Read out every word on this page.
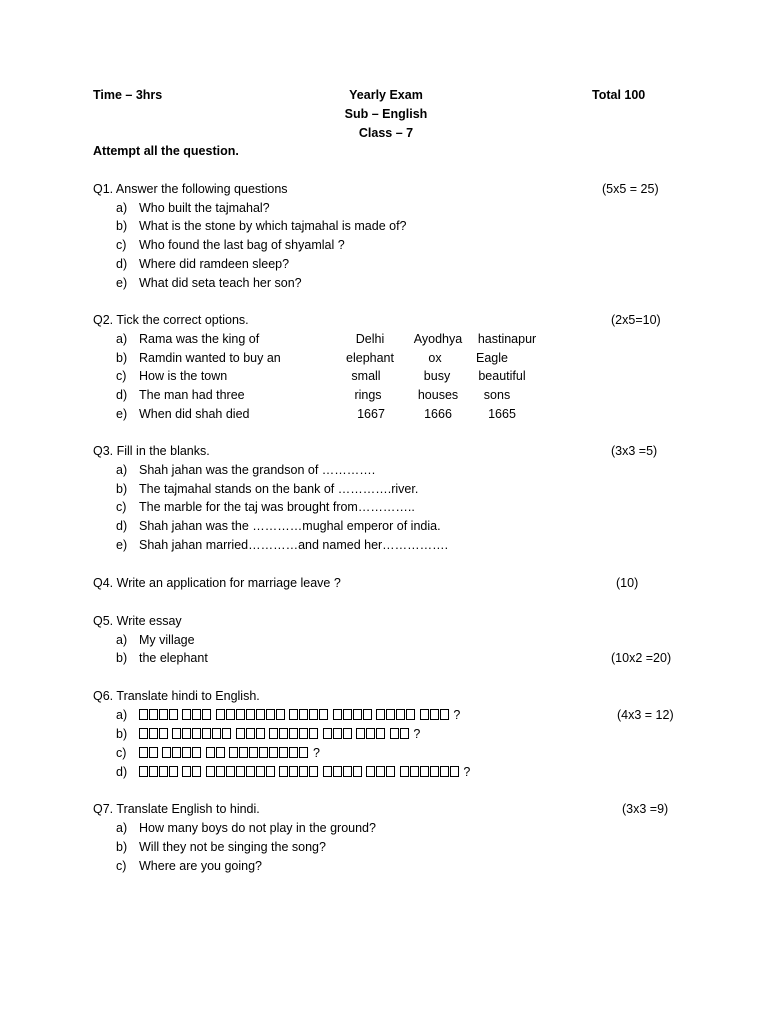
Time – 3hrs	Yearly Exam	Total 100
Sub – English
Class – 7
Attempt all the question.
Q1. Answer the following questions	(5x5 = 25)
a) Who built the tajmahal?
b) What is the stone by which tajmahal is made of?
c) Who found the last bag of shyamlal ?
d) Where did ramdeen sleep?
e) What did seta teach her son?
Q2. Tick the correct options.	(2x5=10)
a) Rama was the king of	Delhi	Ayodhya	hastinapur
b) Ramdin wanted to buy an	elephant	ox	Eagle
c) How is the town	small	busy	beautiful
d) The man had three	rings	houses	sons
e) When did shah died	1667	1666	1665
Q3. Fill in the blanks.	(3x3 =5)
a) Shah jahan was the grandson of ………….
b) The tajmahal stands on the bank of ………….river.
c) The marble for the taj was brought from…………..
d) Shah jahan was the …………mughal emperor of india.
e) Shah jahan married…………and named her…………….
Q4. Write an application for marriage leave ?	(10)
Q5. Write essay
a) My village
b) the elephant	(10x2 =20)
Q6. Translate hindi to English.
(4x3 = 12)
a)	?
b)	?
c)	?
d)	?
Q7. Translate English to hindi.	(3x3 =9)
a) How many boys do not play in the ground?
b) Will they not be singing the song?
c) Where are you going?
